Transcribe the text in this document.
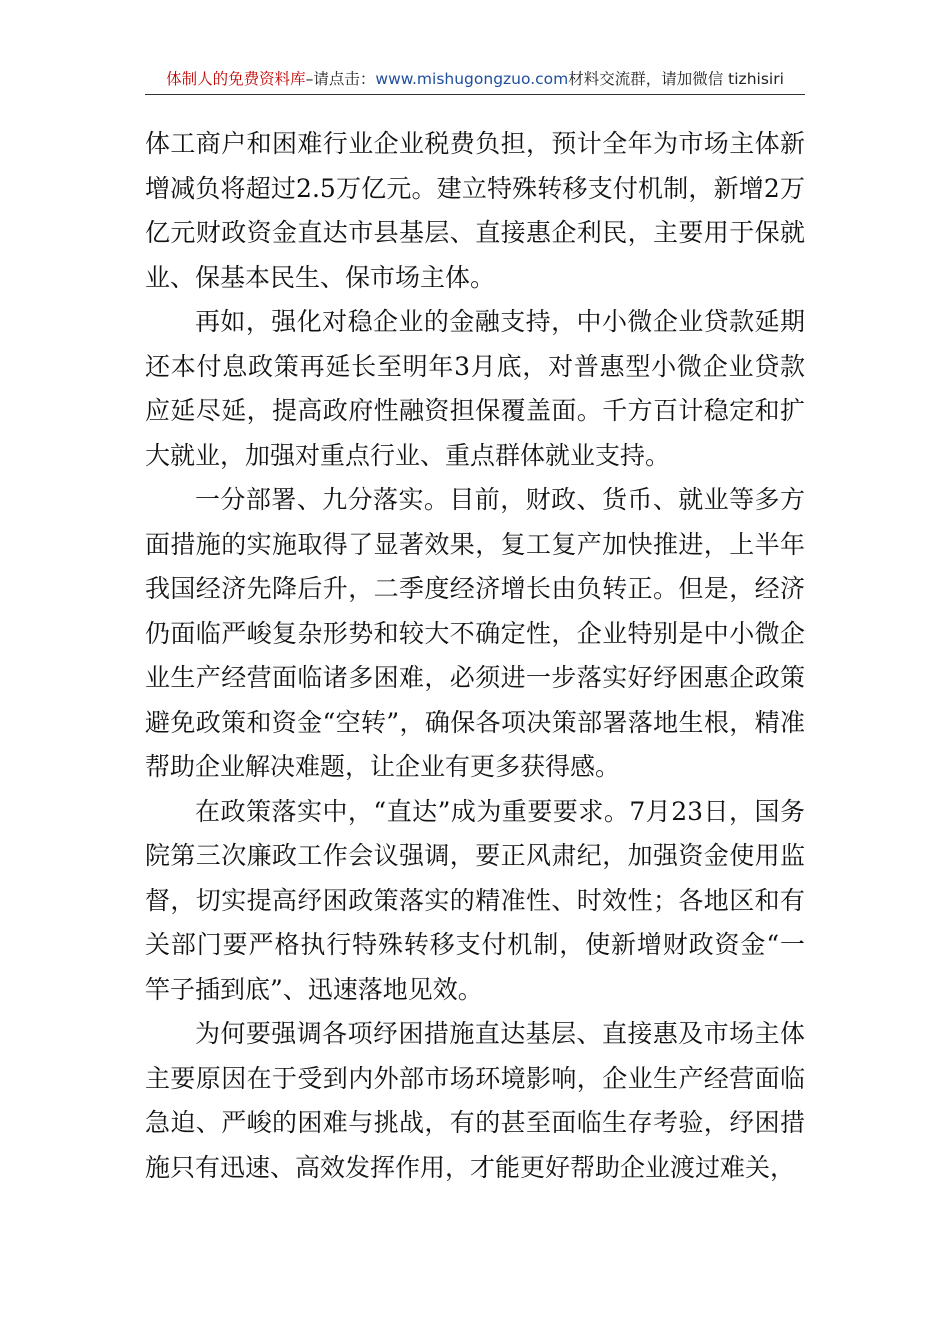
体制人的免费资料库–请点击：www.mishugongzuo.com材料交流群，请加微信 tizhisiri

体工商户和困难行业企业税费负担，预计全年为市场主体新增减负将超过2.5万亿元。建立特殊转移支付机制，新增2万亿元财政资金直达市县基层、直接惠企利民，主要用于保就业、保基本民生、保市场主体。

再如，强化对稳企业的金融支持，中小微企业贷款延期还本付息政策再延长至明年3月底，对普惠型小微企业贷款应延尽延，提高政府性融资担保覆盖面。千方百计稳定和扩大就业，加强对重点行业、重点群体就业支持。

一分部署、九分落实。目前，财政、货币、就业等多方面措施的实施取得了显著效果，复工复产加快推进，上半年我国经济先降后升，二季度经济增长由负转正。但是，经济仍面临严峻复杂形势和较大不确定性，企业特别是中小微企业生产经营面临诸多困难，必须进一步落实好纾困惠企政策避免政策和资金“空转”，确保各项决策部署落地生根，精准帮助企业解决难题，让企业有更多获得感。

在政策落实中，“直达”成为重要要求。7月23日，国务院第三次廉政工作会议强调，要正风肃纪，加强资金使用监督，切实提高纾困政策落实的精准性、时效性；各地区和有关部门要严格执行特殊转移支付机制，使新增财政资金“一竿子插到底”、迅速落地见效。

为何要强调各项纾困措施直达基层、直接惠及市场主体主要原因在于受到内外部市场环境影响，企业生产经营面临急迫、严峻的困难与挑战，有的甚至面临生存考验，纾困措施只有迅速、高效发挥作用，才能更好帮助企业渡过难关，
